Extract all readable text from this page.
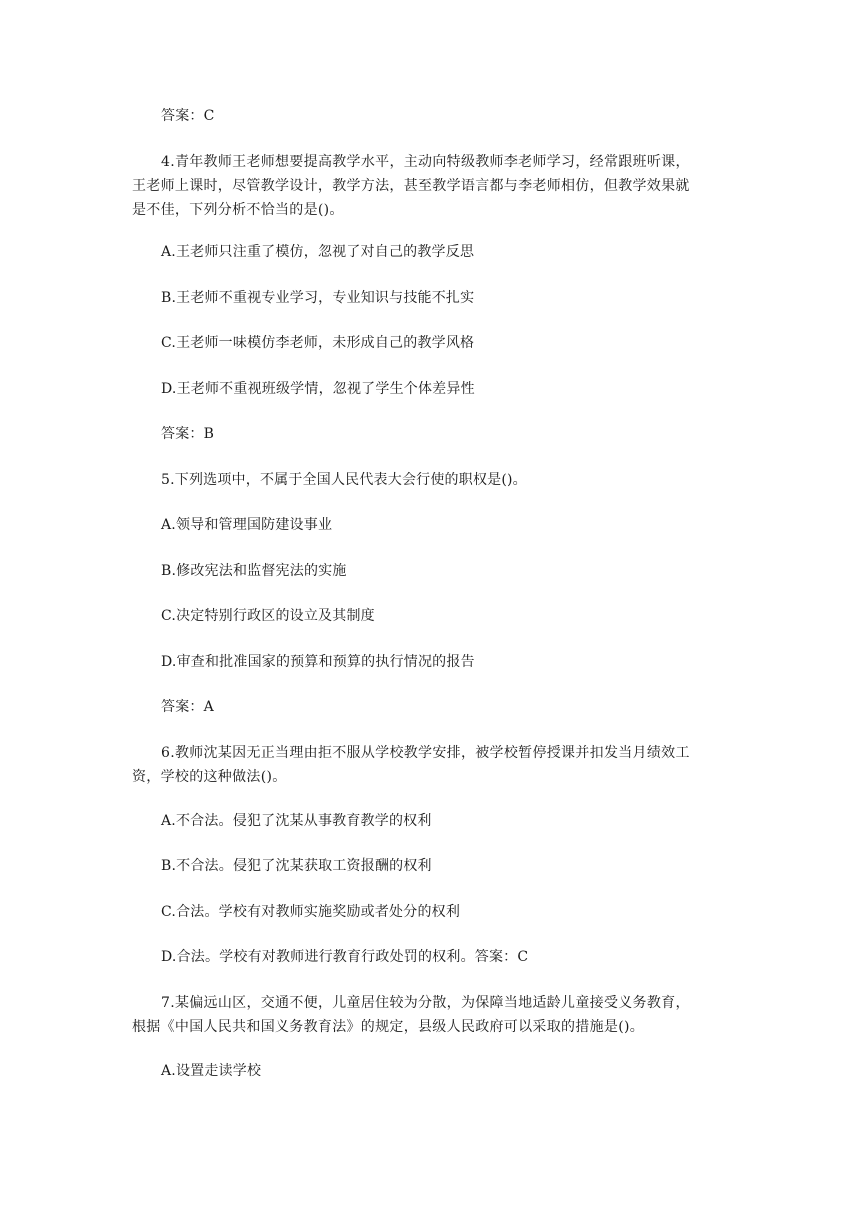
答案：C
4.青年教师王老师想要提高教学水平，主动向特级教师李老师学习，经常跟班听课，
王老师上课时，尽管教学设计，教学方法，甚至教学语言都与李老师相仿，但教学效果就
是不佳，下列分析不恰当的是()。
A.王老师只注重了模仿，忽视了对自己的教学反思
B.王老师不重视专业学习，专业知识与技能不扎实
C.王老师一味模仿李老师，未形成自己的教学风格
D.王老师不重视班级学情，忽视了学生个体差异性
答案：B
5.下列选项中，不属于全国人民代表大会行使的职权是()。
A.领导和管理国防建设事业
B.修改宪法和监督宪法的实施
C.决定特别行政区的设立及其制度
D.审查和批准国家的预算和预算的执行情况的报告
答案：A
6.教师沈某因无正当理由拒不服从学校教学安排，被学校暂停授课并扣发当月绩效工
资，学校的这种做法()。
A.不合法。侵犯了沈某从事教育教学的权利
B.不合法。侵犯了沈某获取工资报酬的权利
C.合法。学校有对教师实施奖励或者处分的权利
D.合法。学校有对教师进行教育行政处罚的权利。答案：C
7.某偏远山区，交通不便，儿童居住较为分散，为保障当地适龄儿童接受义务教育，
根据《中国人民共和国义务教育法》的规定，县级人民政府可以采取的措施是()。
A.设置走读学校
